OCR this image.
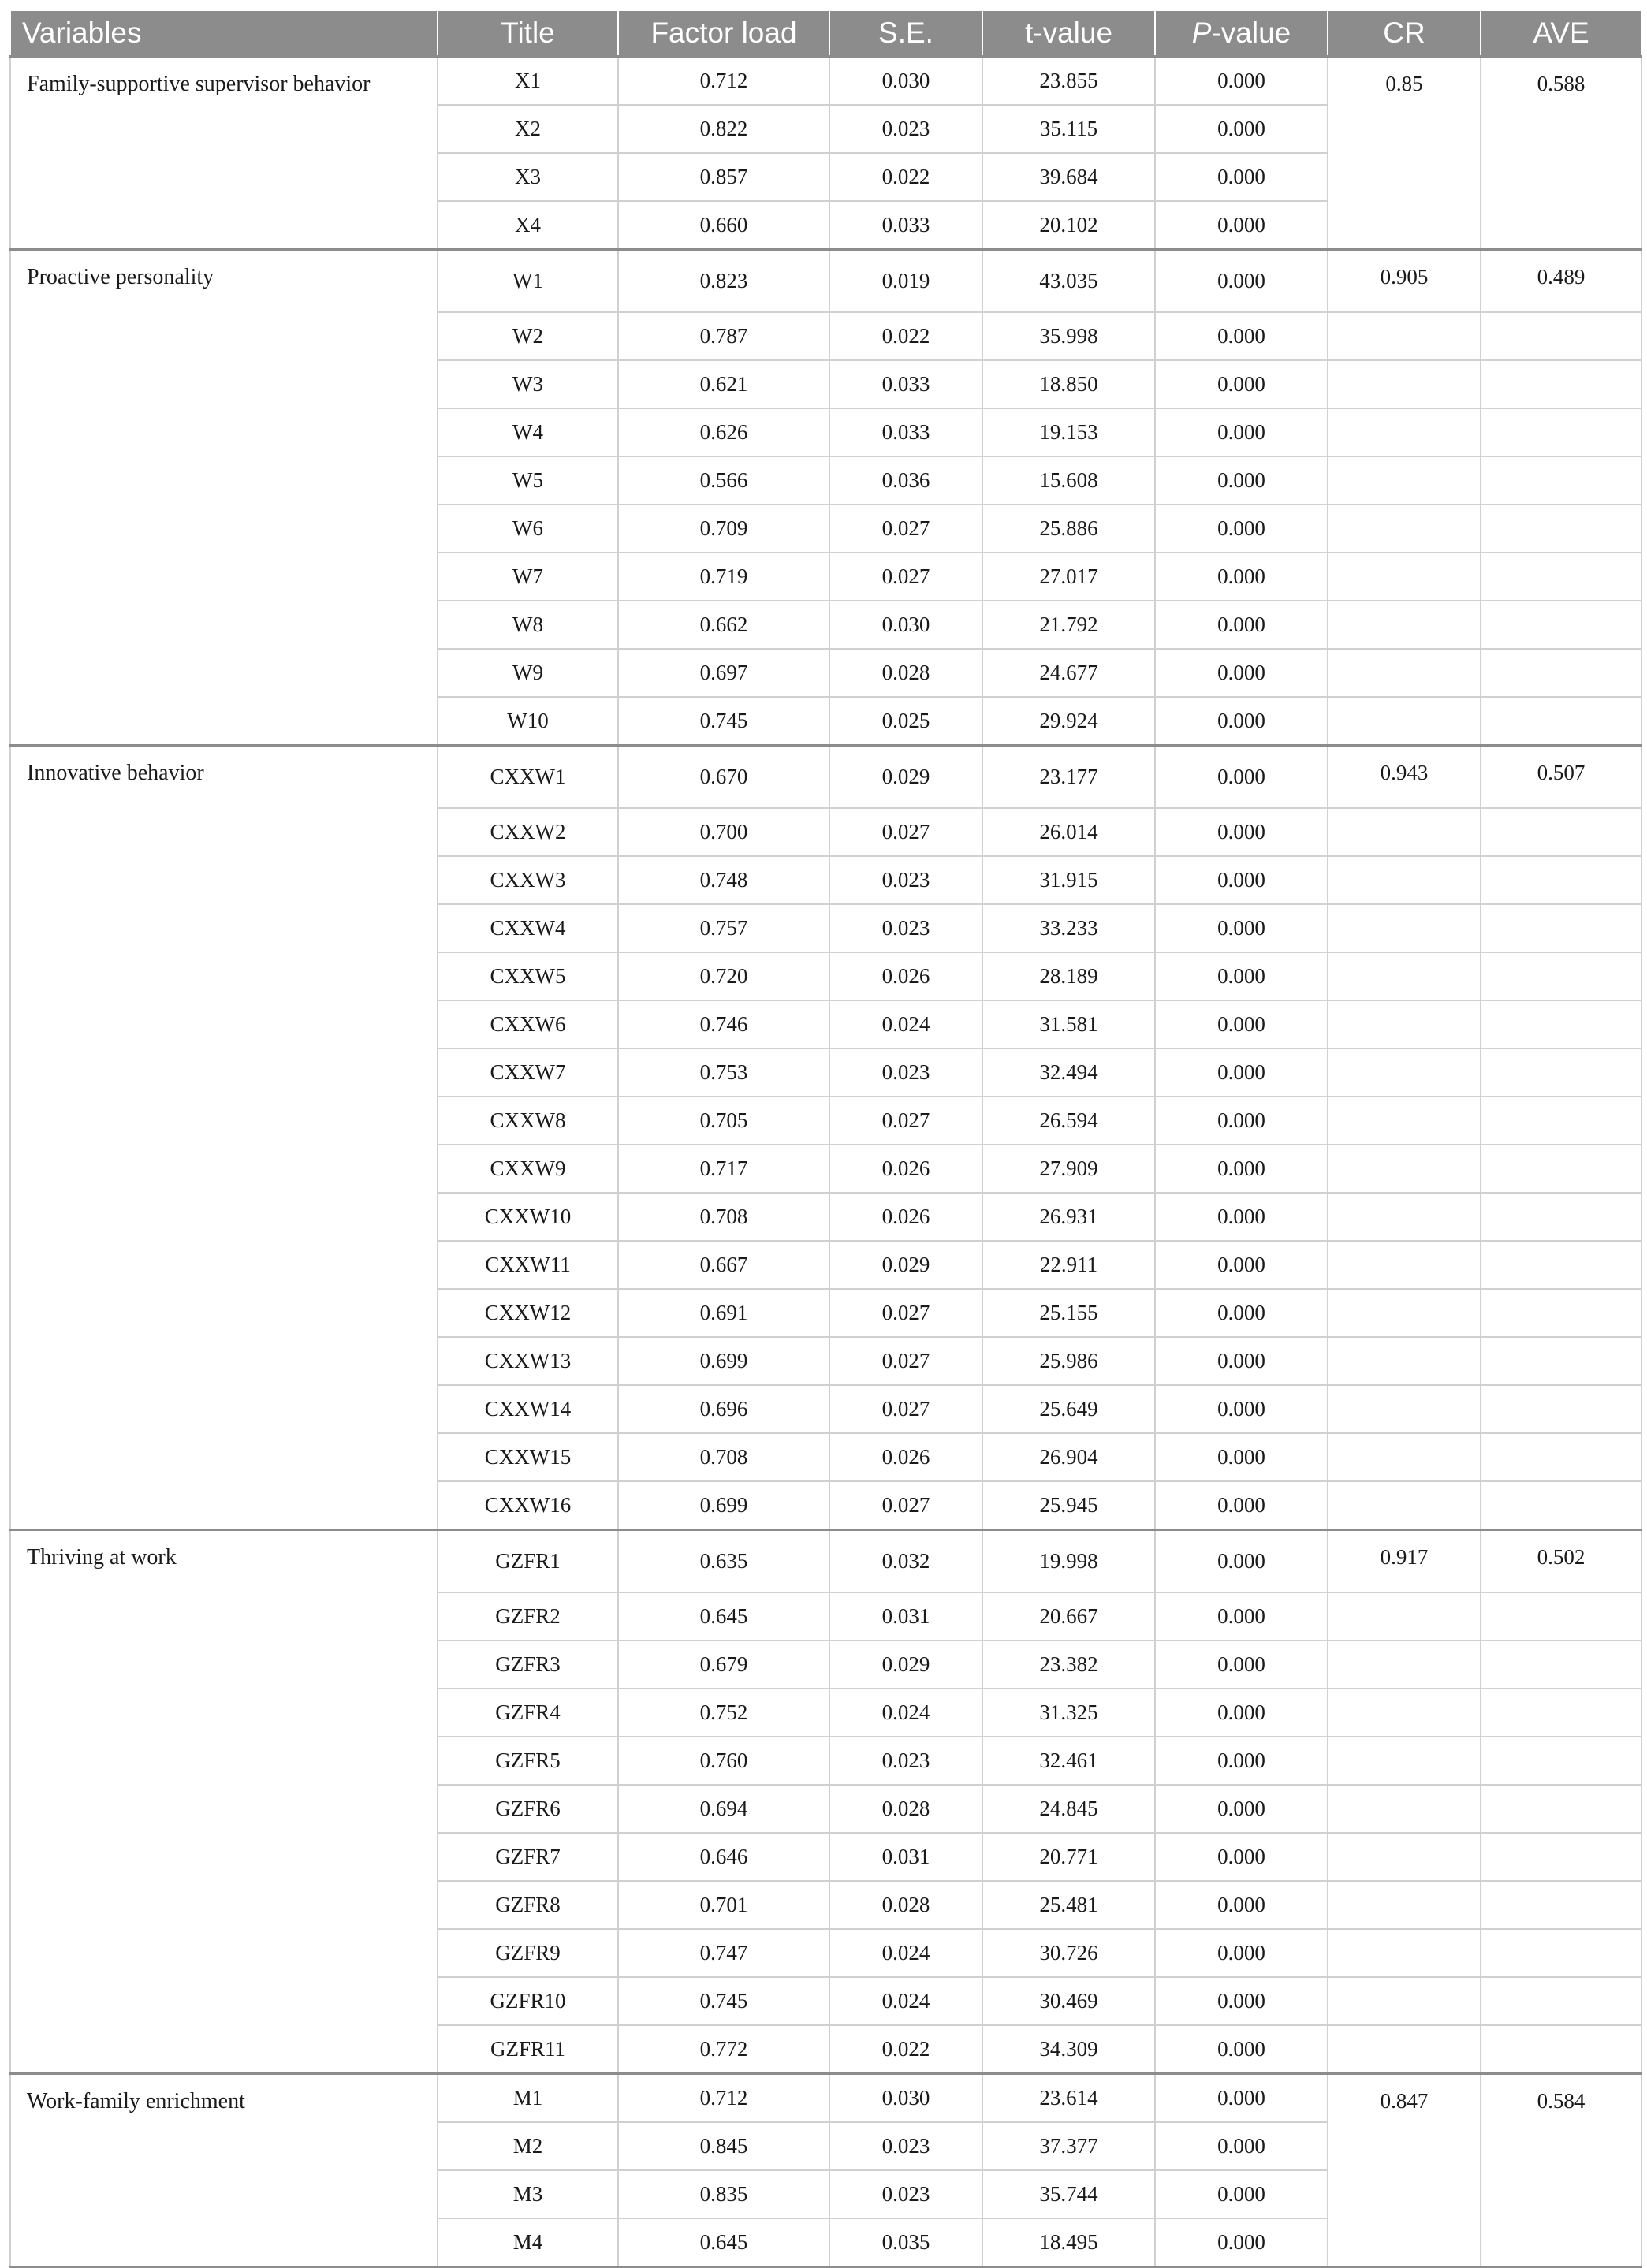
Variables	Title	Factor load	S.E.	t-value	P-value	CR	AVE
Family-supportive supervisor behavior	X1	0.712	0.030	23.855	0.000	0.85	0.588
	X2	0.822	0.023	35.115	0.000		
	X3	0.857	0.022	39.684	0.000		
	X4	0.660	0.033	20.102	0.000		
Proactive personality	W1	0.823	0.019	43.035	0.000	0.905	0.489
	W2	0.787	0.022	35.998	0.000		
	W3	0.621	0.033	18.850	0.000		
	W4	0.626	0.033	19.153	0.000		
	W5	0.566	0.036	15.608	0.000		
	W6	0.709	0.027	25.886	0.000		
	W7	0.719	0.027	27.017	0.000		
	W8	0.662	0.030	21.792	0.000		
	W9	0.697	0.028	24.677	0.000		
	W10	0.745	0.025	29.924	0.000		
Innovative behavior	CXXW1	0.670	0.029	23.177	0.000	0.943	0.507
	CXXW2	0.700	0.027	26.014	0.000		
	CXXW3	0.748	0.023	31.915	0.000		
	CXXW4	0.757	0.023	33.233	0.000		
	CXXW5	0.720	0.026	28.189	0.000		
	CXXW6	0.746	0.024	31.581	0.000		
	CXXW7	0.753	0.023	32.494	0.000		
	CXXW8	0.705	0.027	26.594	0.000		
	CXXW9	0.717	0.026	27.909	0.000		
	CXXW10	0.708	0.026	26.931	0.000		
	CXXW11	0.667	0.029	22.911	0.000		
	CXXW12	0.691	0.027	25.155	0.000		
	CXXW13	0.699	0.027	25.986	0.000		
	CXXW14	0.696	0.027	25.649	0.000		
	CXXW15	0.708	0.026	26.904	0.000		
	CXXW16	0.699	0.027	25.945	0.000		
Thriving at work	GZFR1	0.635	0.032	19.998	0.000	0.917	0.502
	GZFR2	0.645	0.031	20.667	0.000		
	GZFR3	0.679	0.029	23.382	0.000		
	GZFR4	0.752	0.024	31.325	0.000		
	GZFR5	0.760	0.023	32.461	0.000		
	GZFR6	0.694	0.028	24.845	0.000		
	GZFR7	0.646	0.031	20.771	0.000		
	GZFR8	0.701	0.028	25.481	0.000		
	GZFR9	0.747	0.024	30.726	0.000		
	GZFR10	0.745	0.024	30.469	0.000		
	GZFR11	0.772	0.022	34.309	0.000		
Work-family enrichment	M1	0.712	0.030	23.614	0.000	0.847	0.584
	M2	0.845	0.023	37.377	0.000		
	M3	0.835	0.023	35.744	0.000		
	M4	0.645	0.035	18.495	0.000		
